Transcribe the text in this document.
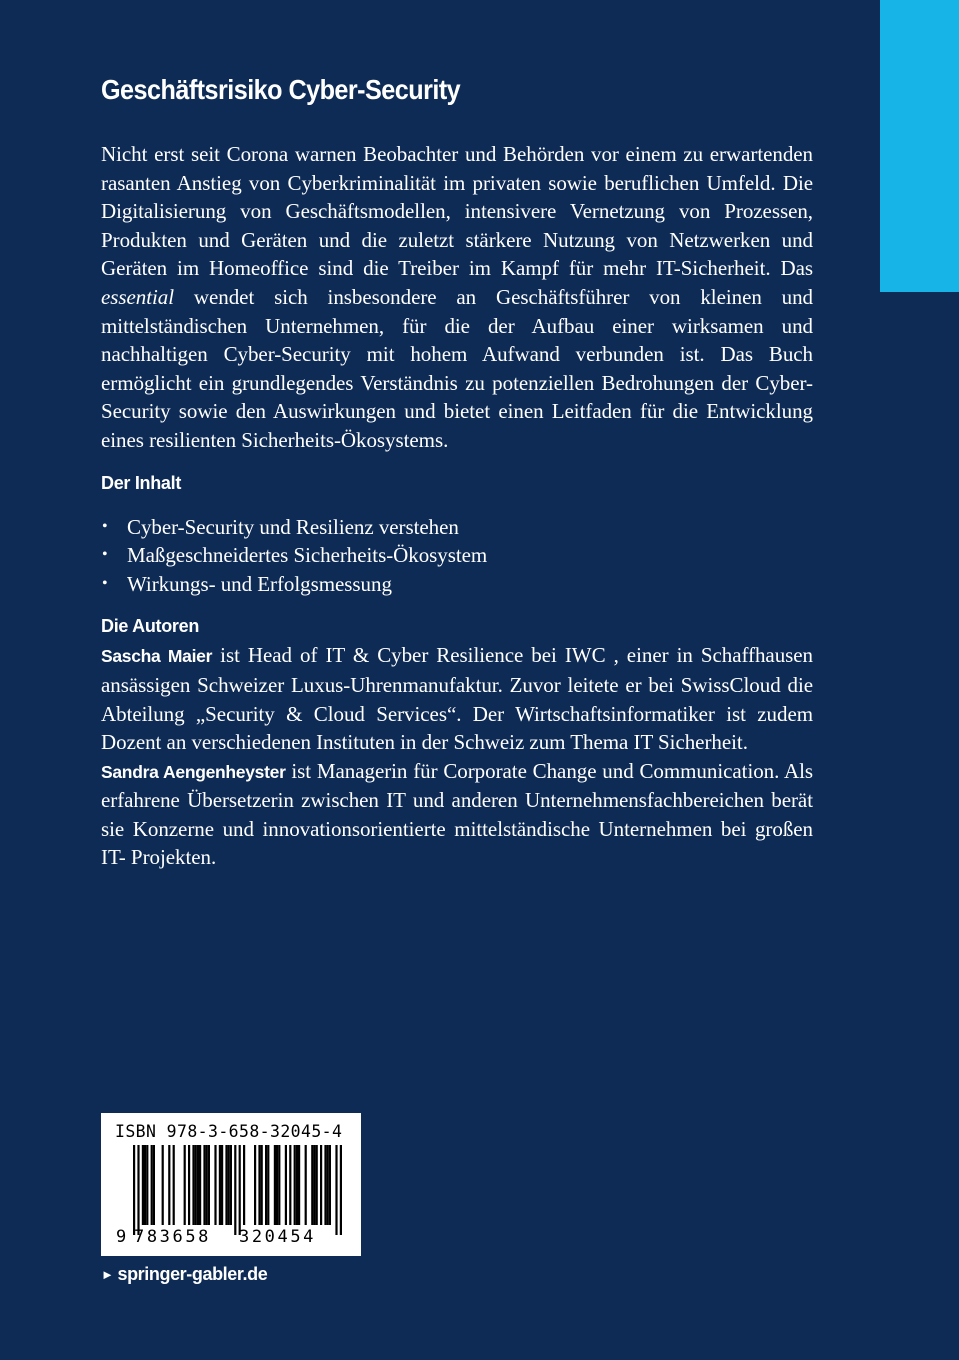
Geschäftsrisiko Cyber-Security

Nicht erst seit Corona warnen Beobachter und Behörden vor einem zu erwartenden rasanten Anstieg von Cyberkriminalität im privaten sowie beruflichen Umfeld. Die Digitalisierung von Geschäftsmodellen, intensivere Vernetzung von Prozessen, Produkten und Geräten und die zuletzt stärkere Nutzung von Netzwerken und Geräten im Homeoffice sind die Treiber im Kampf für mehr IT-Sicherheit. Das essential wendet sich insbesondere an Geschäftsführer von kleinen und mittelständischen Unternehmen, für die der Aufbau einer wirksamen und nachhaltigen Cyber-Security mit hohem Aufwand verbunden ist. Das Buch ermöglicht ein grundlegendes Verständnis zu potenziellen Bedrohungen der Cyber-Security sowie den Auswirkungen und bietet einen Leitfaden für die Entwicklung eines resilienten Sicherheits-Ökosystems.

Der Inhalt
• Cyber-Security und Resilienz verstehen
• Maßgeschneidertes Sicherheits-Ökosystem
• Wirkungs- und Erfolgsmessung
Die Autoren

Sascha Maier ist Head of IT & Cyber Resilience bei IWC , einer in Schaffhausen ansässigen Schweizer Luxus-Uhrenmanufaktur. Zuvor leitete er bei SwissCloud die Abteilung „Security & Cloud Services“. Der Wirtschaftsinformatiker ist zudem Dozent an verschiedenen Instituten in der Schweiz zum Thema IT Sicherheit.
Sandra Aengenheyster ist Managerin für Corporate Change und Communication. Als erfahrene Übersetzerin zwischen IT und anderen Unternehmensfachbereichen berät sie Konzerne und innovationsorientierte mittelständische Unternehmen bei großen IT- Projekten.

ISBN 978-3-658-32045-4
9 783658 320454
► springer-gabler.de
